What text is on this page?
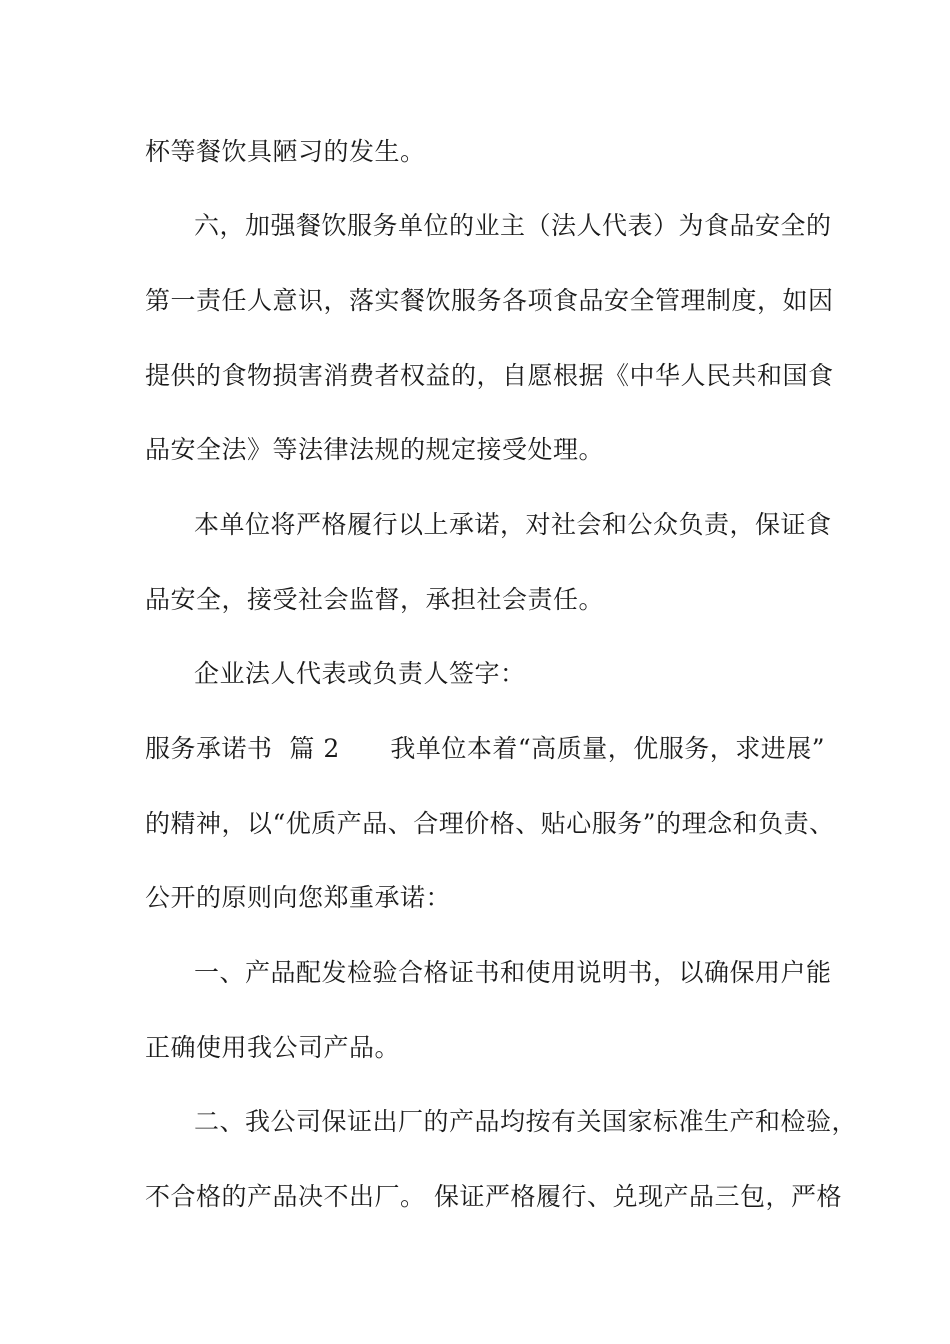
杯等餐饮具陋习的发生。
六，加强餐饮服务单位的业主（法人代表）为食品安全的
第一责任人意识，落实餐饮服务各项食品安全管理制度，如因
提供的食物损害消费者权益的，自愿根据《中华人民共和国食
品安全法》等法律法规的规定接受处理。
本单位将严格履行以上承诺，对社会和公众负责，保证食
品安全，接受社会监督，承担社会责任。
企业法人代表或负责人签字：
服务承诺书  篇 2      我单位本着“高质量，优服务，求进展”
的精神，以“优质产品、合理价格、贴心服务”的理念和负责、
公开的原则向您郑重承诺：
一、产品配发检验合格证书和使用说明书，以确保用户能
正确使用我公司产品。
二、我公司保证出厂的产品均按有关国家标准生产和检验，
不合格的产品决不出厂。 保证严格履行、兑现产品三包，严格
